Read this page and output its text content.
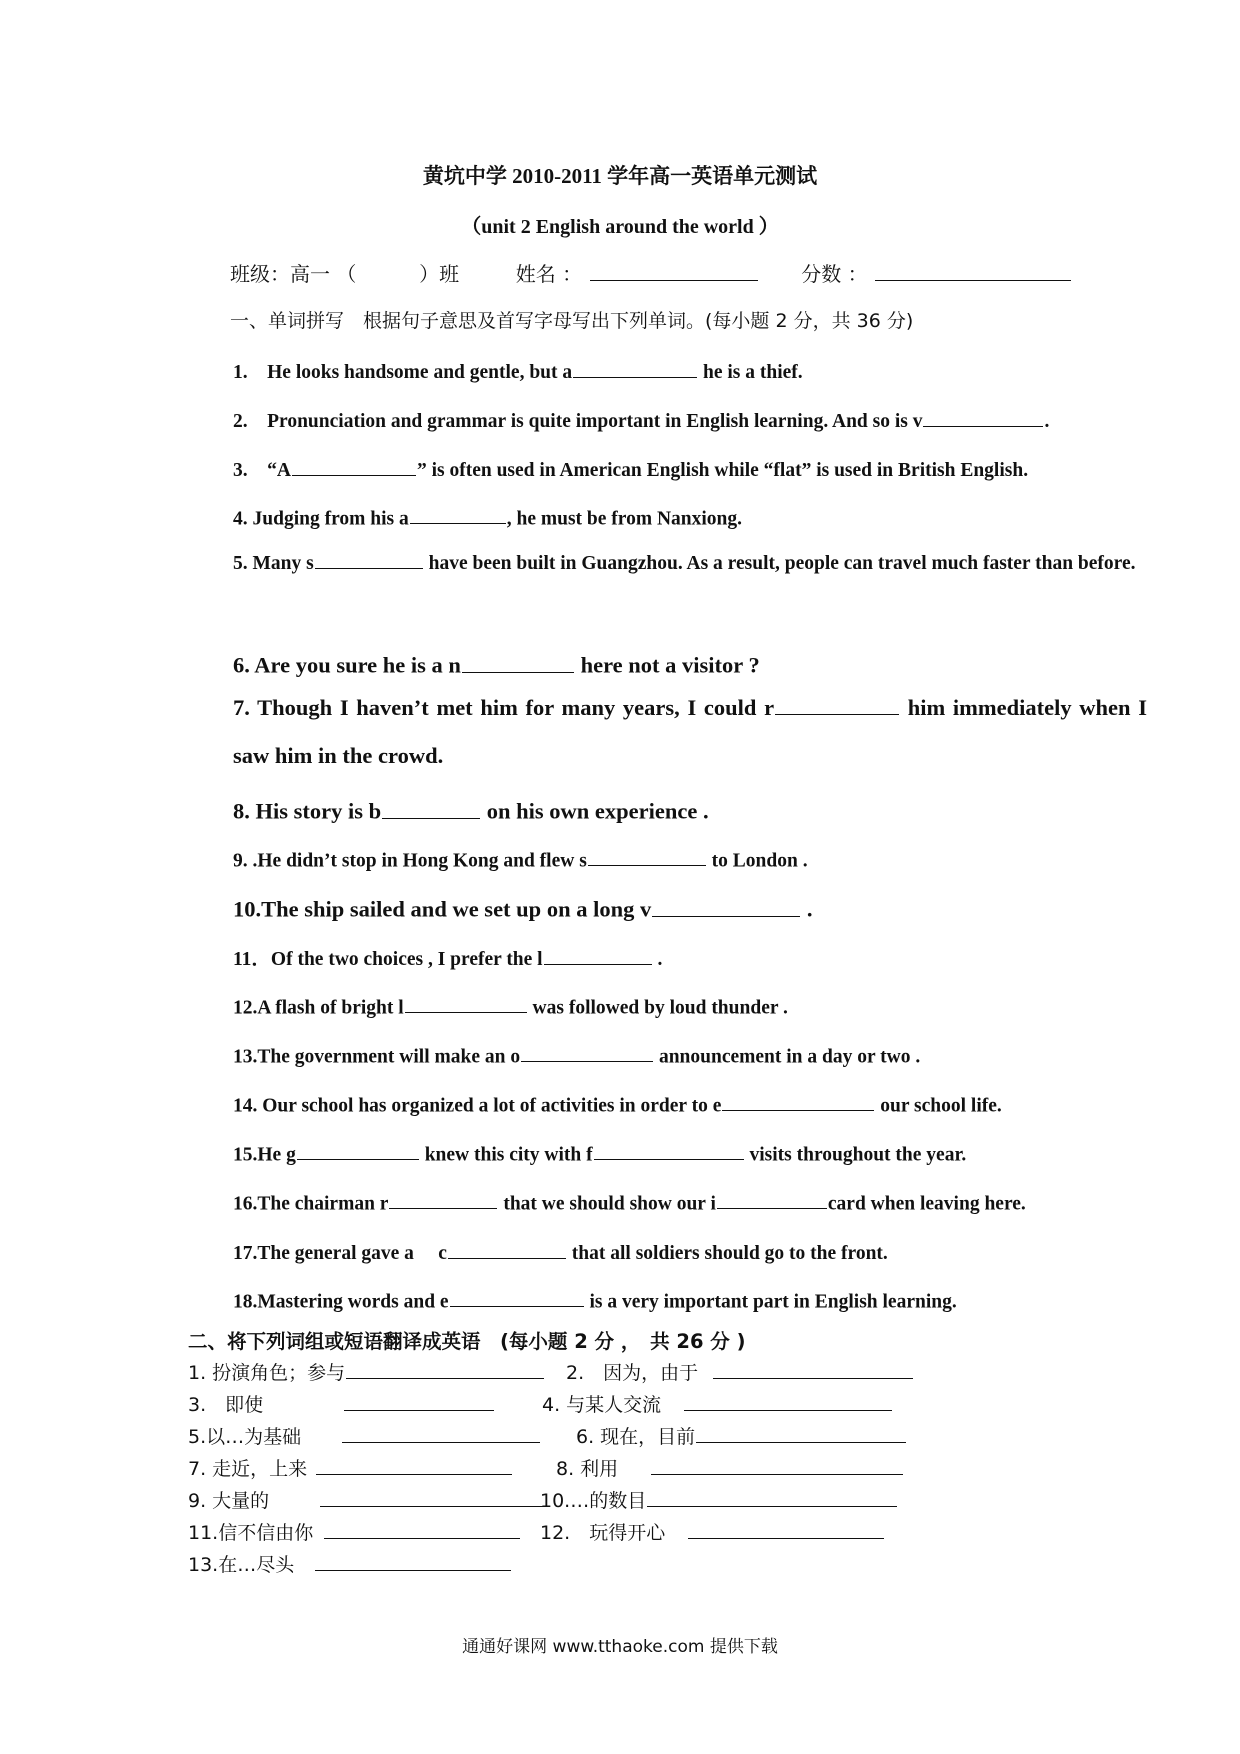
黄坑中学 2010-2011 学年高一英语单元测试
（unit 2 English around the world ）
班级：高一 （	）班	姓名 ：	分数 ：
一、单词拼写　根据句子意思及首写字母写出下列单词。(每小题 2 分，共 36 分)
1.　He looks handsome and gentle, but a	he is a thief.
2.　Pronunciation and grammar is quite important in English learning. And so is v	.
3.　“A	” is often used in American English while “flat” is used in British English.
4. Judging from his a	, he must be from Nanxiong.
5. Many s	have been built in Guangzhou. As a result, people can travel much faster than before.
6. Are you sure he is a n	here not a visitor ?
7. Though I haven’t met him for many years, I could r	him immediately when I saw him in the crowd.
8. His story is b	on his own experience .
9. .He didn’t stop in Hong Kong and flew s	to London .
10.The ship sailed and we set up on a long v	.
11．Of the two choices , I prefer the l	.
12.A flash of bright l	was followed by loud thunder .
13.The government will make an o	announcement in a day or two .
14. Our school has organized a lot of activities in order to e	our school life.
15.He g	knew this city with f	visits throughout the year.
16.The chairman r	that we should show our i	card when leaving here.
17.The general gave a　 c	that all soldiers should go to the front.
18.Mastering words and e	is a very important part in English learning.
二、将下列词组或短语翻译成英语　(每小题 2 分 ，　共 26 分 )
1. 扮演角色；参与	2.　因为，由于
3.　即使	4. 与某人交流
5.以…为基础	6. 现在，目前
7. 走近，上来	8. 利用
9. 大量的	10.…的数目
11.信不信由你	12.　玩得开心
13.在…尽头
通通好课网 www.tthaoke.com 提供下载
